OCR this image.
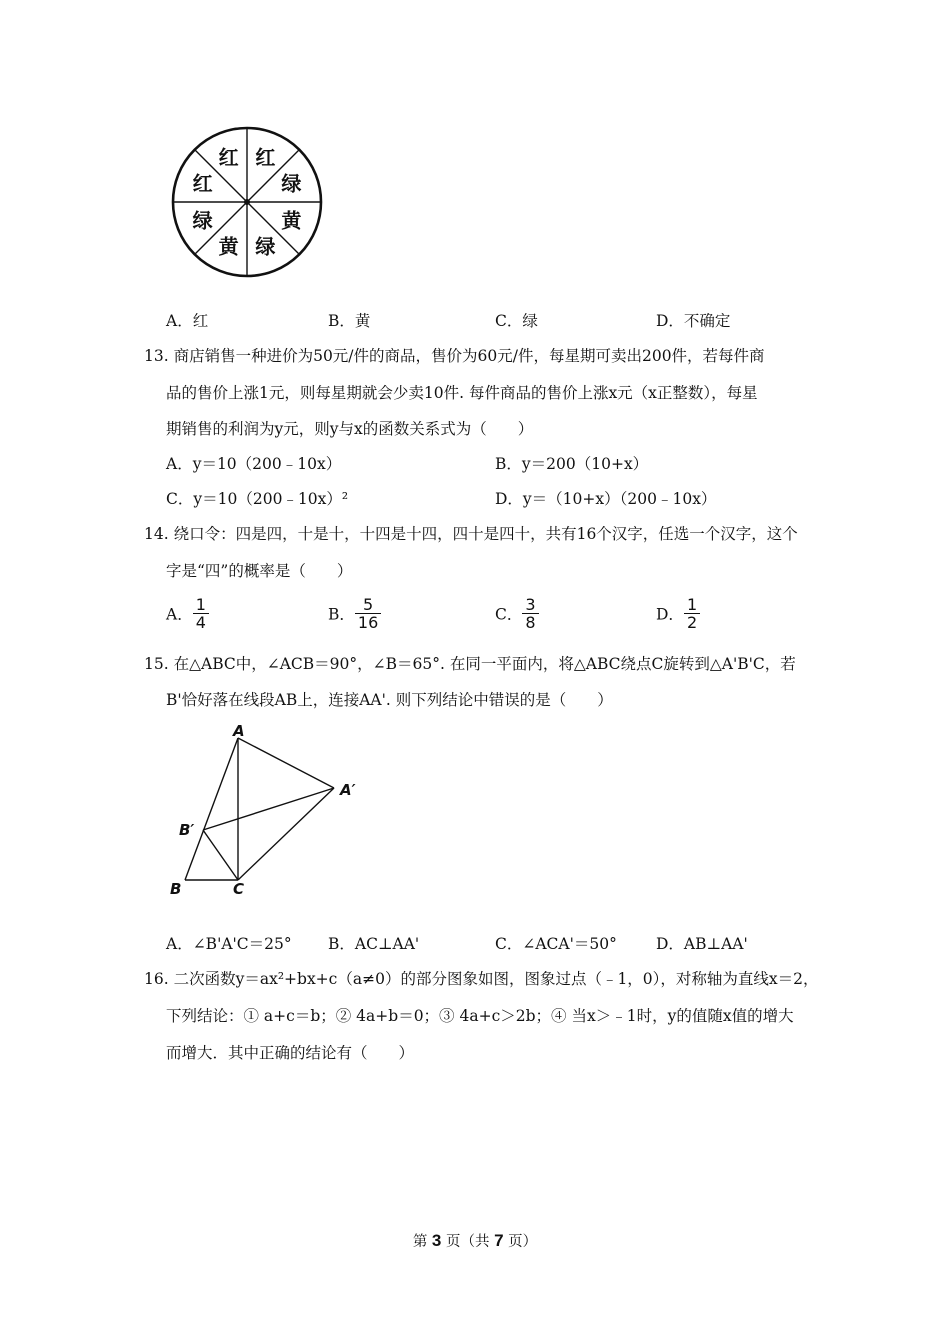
红 红
绿
黄
绿
黄
绿
红
A．红	B．黄	C．绿	D．不确定
13. 商店销售一种进价为50元/件的商品，售价为60元/件，每星期可卖出200件，若每件商
品的售价上涨1元，则每星期就会少卖10件. 每件商品的售价上涨x元（x正整数），每星
期销售的利润为y元，则y与x的函数关系式为（　　）
A．y＝10（200﹣10x）	B．y＝200（10+x）
C．y＝10（200﹣10x）²	D．y＝（10+x）（200﹣10x）
14. 绕口令：四是四，十是十，十四是十四，四十是四十，共有16个汉字，任选一个汉字，这个
字是“四”的概率是（　　）
A． $\frac{1}{4}$	B． $\frac{5}{16}$	C． $\frac{3}{8}$	D． $\frac{1}{2}$
15. 在△ABC中，∠ACB＝90°，∠B＝65°. 在同一平面内，将△ABC绕点C旋转到△A'B'C，若
B'恰好落在线段AB上，连接AA'. 则下列结论中错误的是（　　）
A
A′
B′
B	C
A．∠B'A'C＝25° B．AC⊥AA'	C．∠ACA'＝50°	D．AB⊥AA'
16. 二次函数y＝ax²+bx+c（a≠0）的部分图象如图，图象过点（﹣1，0），对称轴为直线x＝2，
下列结论：① a+c＝b；② 4a+b＝0；③ 4a+c＞2b；④ 当x＞﹣1时，y的值随x值的增大
而增大．其中正确的结论有（　　）
第 3 页（共 7 页）
